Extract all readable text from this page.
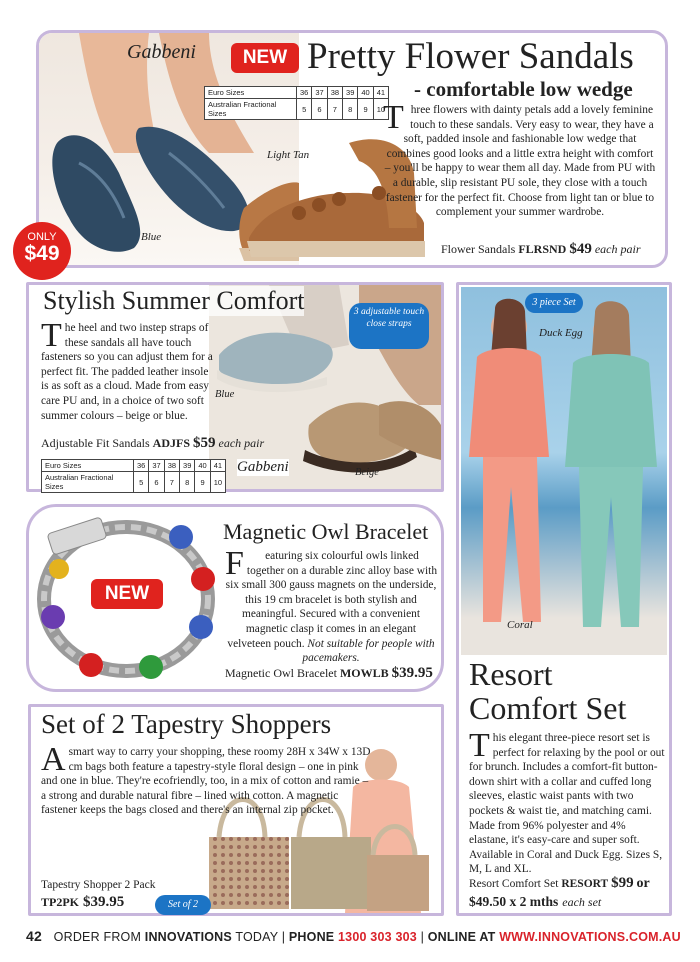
Blue
Gabbeni
Light Tan
NEW Pretty Flower Sandals
Euro Sizes	36	37	38	39	40	41
Australian Fractional Sizes	5	6	7	8	9	10
- comfortable low wedge
Three flowers with dainty petals add a lovely feminine touch to these sandals. Very easy to wear, they have a soft, padded insole and fashionable low wedge that combines good looks and a little extra height with comfort – you'll be happy to wear them all day. Made from PU with a durable, slip resistant PU sole, they close with a touch fastener for the perfect fit. Choose from light tan or blue to complement your summer wardrobe.
Flower Sandals FLRSND $49 each pair
ONLY
$49
Stylish Summer Comfort	3 adjustable touch close straps
Blue
Beige
The heel and two instep straps of these sandals all have touch fasteners so you can adjust them for a perfect fit. The padded leather insole is as soft as a cloud. Made from easy care PU and, in a choice of two soft summer colours – beige or blue.
Adjustable Fit Sandals ADJFS $59 each pair
Euro Sizes	36	37	38	39	40	41
Australian Fractional Sizes	5	6	7	8	9	10
Gabbeni
NEW
Magnetic Owl Bracelet
F eaturing six colourful owls linked together on a durable zinc alloy base with six small 300 gauss magnets on the underside, this 19 cm bracelet is both stylish and meaningful. Secured with a convenient magnetic clasp it comes in an elegant velveteen pouch. Not suitable for people with pacemakers.
Magnetic Owl Bracelet MOWLB $39.95
Set of 2 Tapestry Shoppers
Asmart way to carry your shopping, these roomy 28H x 34W x 13D cm bags both feature a tapestry-style floral design – one in pink and one in blue. They're ecofriendly, too, in a mix of cotton and ramie – a strong and durable natural fibre – lined with cotton. A magnetic fastener keeps the bags closed and there's an internal zip pocket.
Tapestry Shopper 2 Pack
TP2PK $39.95	Set of 2
3 piece Set
Duck Egg
Coral
Resort
Comfort Set
This elegant three-piece resort set is perfect for relaxing by the pool or out for brunch. Includes a comfort-fit button-down shirt with a collar and cuffed long sleeves, elastic waist pants with two pockets & waist tie, and matching cami. Made from 96% polyester and 4% elastane, it's easy-care and super soft. Available in Coral and Duck Egg. Sizes S, M, L and XL.
Resort Comfort Set RESORT $99 or
$49.50 x 2 mths each set
42 ORDER FROM INNOVATIONS TODAY | PHONE 1300 303 303 | ONLINE AT WWW.INNOVATIONS.COM.AU
